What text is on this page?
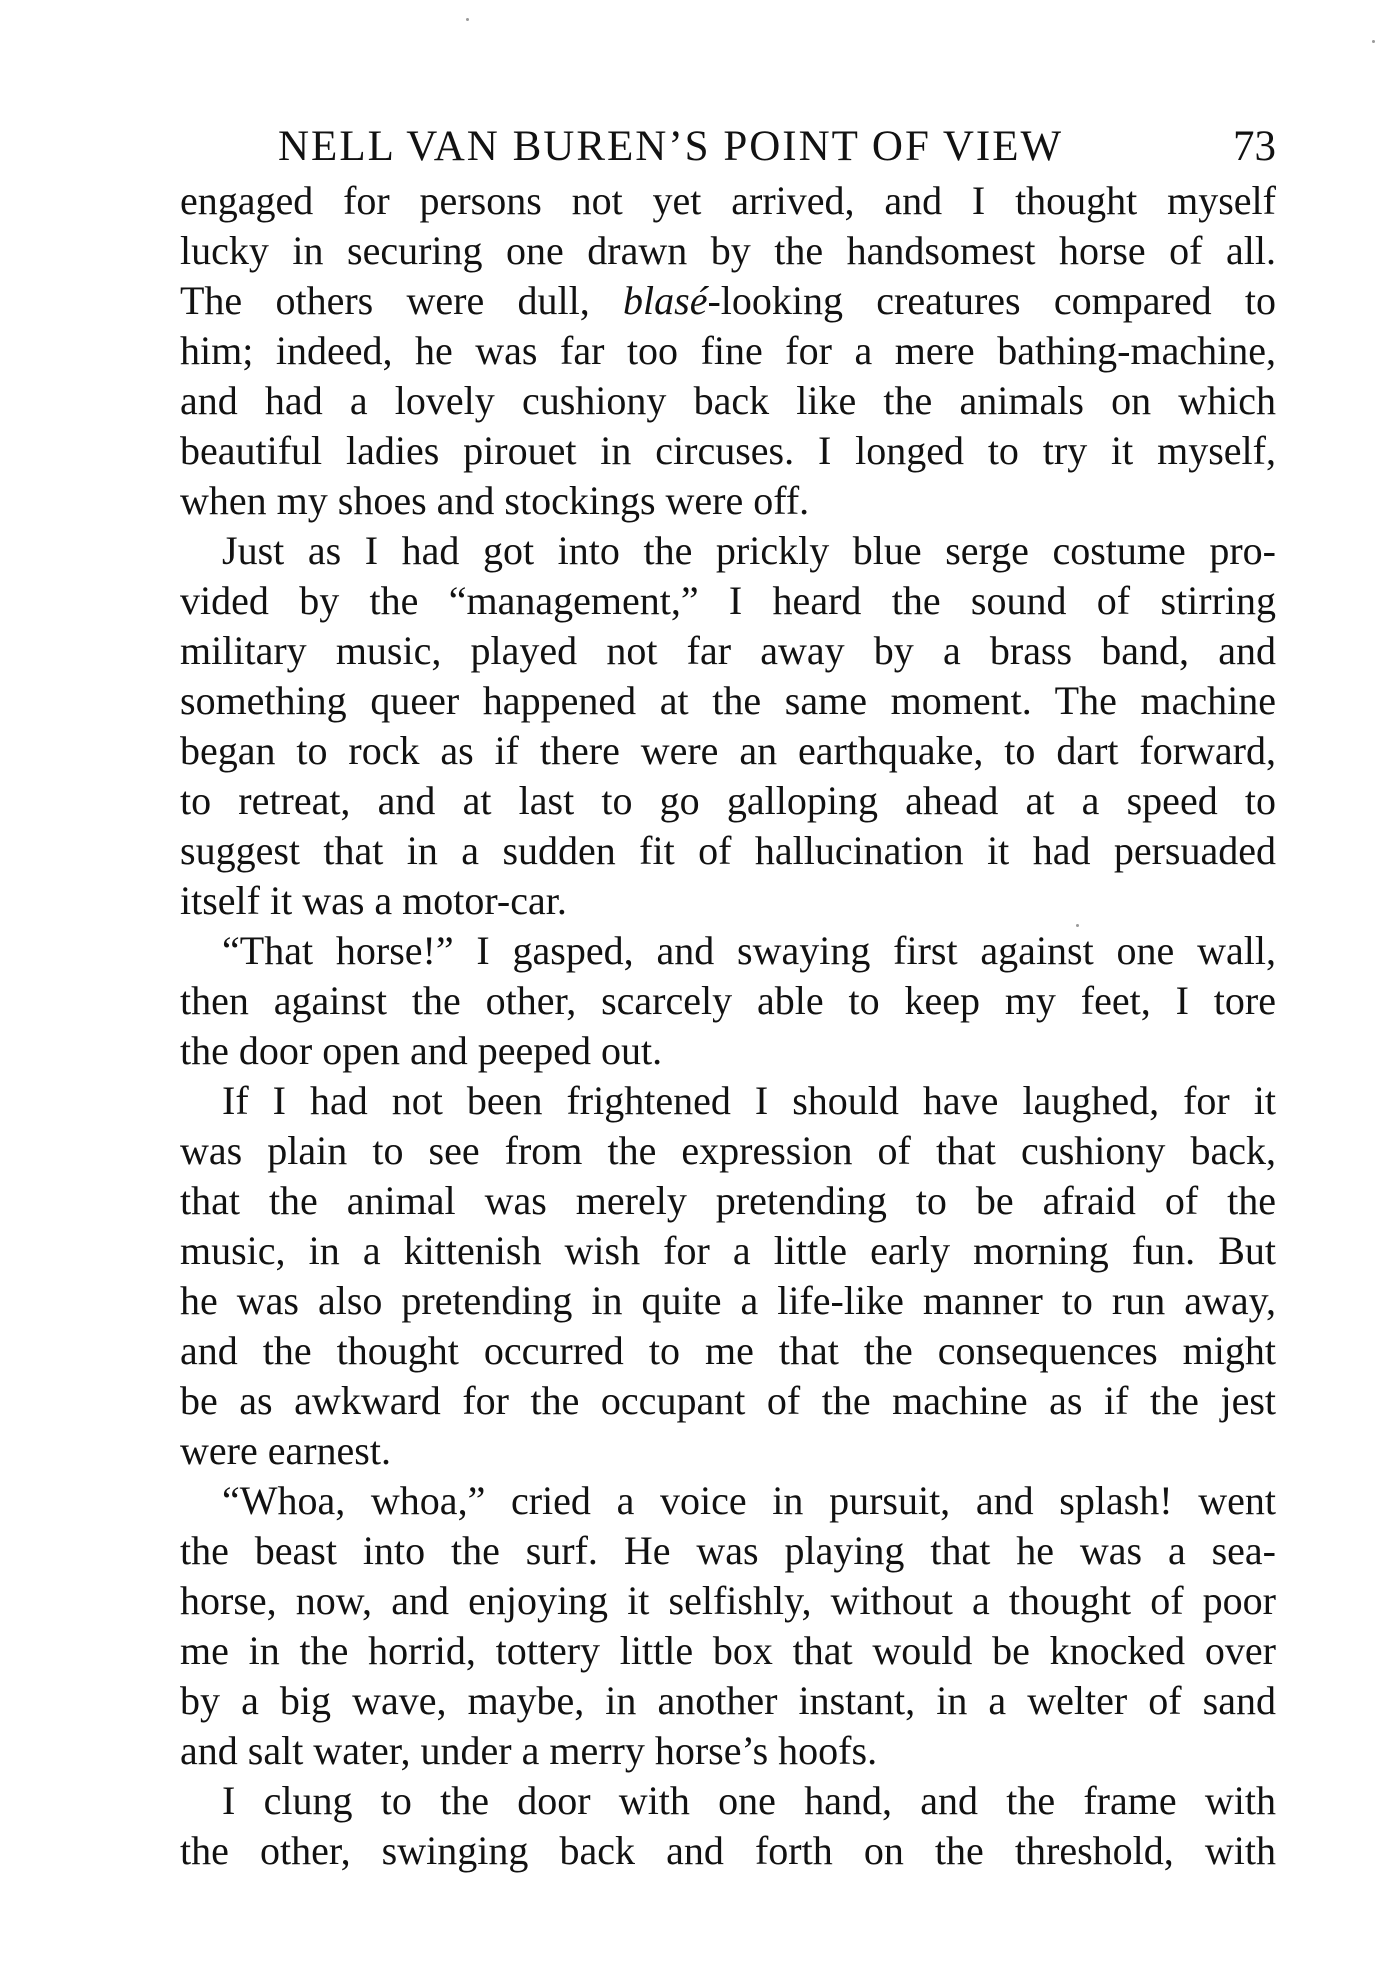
NELL VAN BUREN’S POINT OF VIEW	73
engaged for persons not yet arrived, and I thought myself
lucky in securing one drawn by the handsomest horse of all.
The others were dull, blasé-looking creatures compared to
him; indeed, he was far too fine for a mere bathing-machine,
and had a lovely cushiony back like the animals on which
beautiful ladies pirouet in circuses. I longed to try it myself,
when my shoes and stockings were off.
Just as I had got into the prickly blue serge costume pro-
vided by the “management,” I heard the sound of stirring
military music, played not far away by a brass band, and
something queer happened at the same moment. The machine
began to rock as if there were an earthquake, to dart forward,
to retreat, and at last to go galloping ahead at a speed to
suggest that in a sudden fit of hallucination it had persuaded
itself it was a motor-car.
“That horse!” I gasped, and swaying first against one wall,
then against the other, scarcely able to keep my feet, I tore
the door open and peeped out.
If I had not been frightened I should have laughed, for it
was plain to see from the expression of that cushiony back,
that the animal was merely pretending to be afraid of the
music, in a kittenish wish for a little early morning fun. But
he was also pretending in quite a life-like manner to run away,
and the thought occurred to me that the consequences might
be as awkward for the occupant of the machine as if the jest
were earnest.
“Whoa, whoa,” cried a voice in pursuit, and splash! went
the beast into the surf. He was playing that he was a sea-
horse, now, and enjoying it selfishly, without a thought of poor
me in the horrid, tottery little box that would be knocked over
by a big wave, maybe, in another instant, in a welter of sand
and salt water, under a merry horse’s hoofs.
I clung to the door with one hand, and the frame with
the other, swinging back and forth on the threshold, with
